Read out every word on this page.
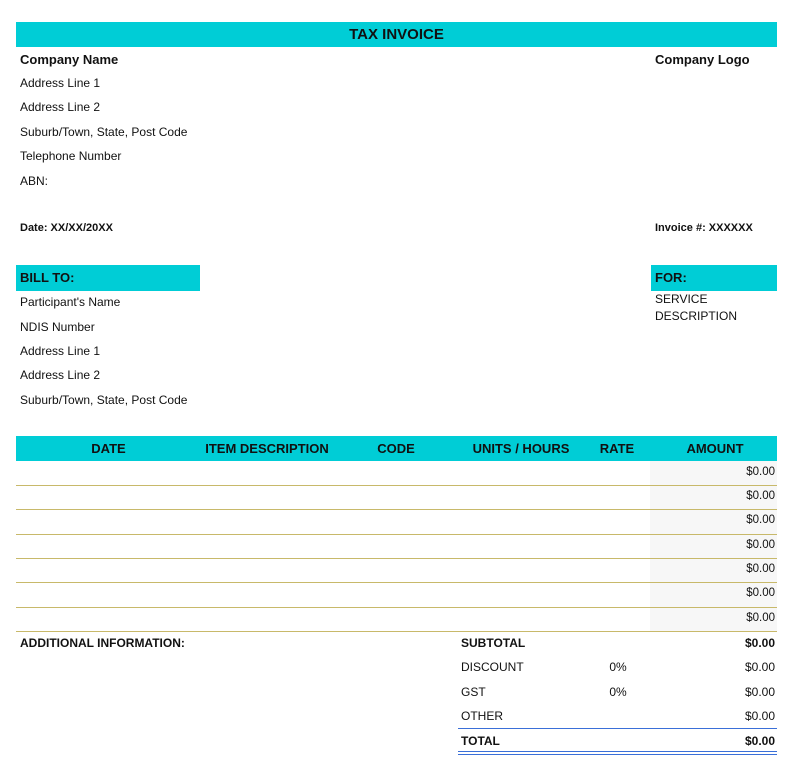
TAX INVOICE
Company Name	Company Logo
Address Line 1
Address Line 2
Suburb/Town, State, Post Code
Telephone Number
ABN:
Date: XX/XX/20XX	Invoice #: XXXXXX
BILL TO:
Participant's Name
NDIS Number
Address Line 1
Address Line 2
Suburb/Town, State, Post Code
FOR:
SERVICE
DESCRIPTION
DATE	ITEM DESCRIPTION	CODE	UNITS / HOURS	RATE	AMOUNT
$0.00
$0.00
$0.00
$0.00
$0.00
$0.00
$0.00
ADDITIONAL INFORMATION:	SUBTOTAL	$0.00
DISCOUNT	0%	$0.00
GST	0%	$0.00
OTHER	$0.00
TOTAL	$0.00
